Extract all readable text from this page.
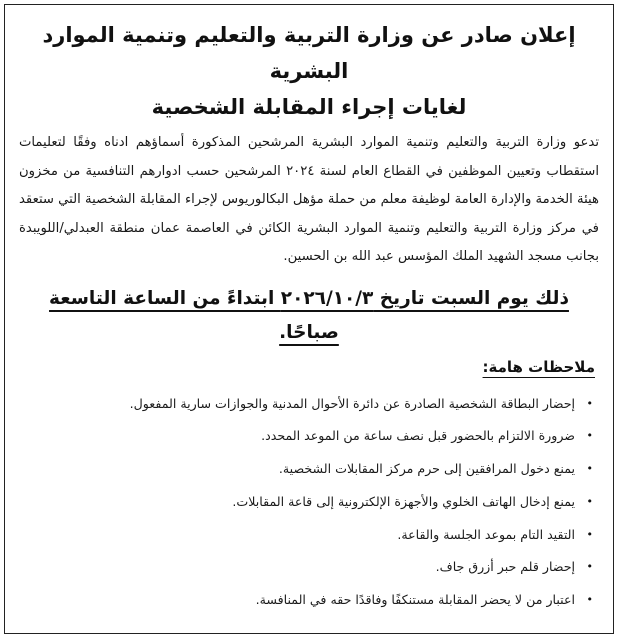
إعلان صادر عن وزارة التربية والتعليم وتنمية الموارد البشرية
لغايات إجراء المقابلة الشخصية

تدعو وزارة التربية والتعليم وتنمية الموارد البشرية المرشحين المذكورة أسماؤهم ادناه وفقًا لتعليمات استقطاب وتعيين الموظفين في القطاع العام لسنة ٢٠٢٤ المرشحين حسب ادوارهم التنافسية من مخزون هيئة الخدمة والإدارة العامة لوظيفة معلم من حملة مؤهل البكالوريوس لإجراء المقابلة الشخصية التي ستعقد في مركز وزارة التربية والتعليم وتنمية الموارد البشرية الكائن في العاصمة عمان منطقة العبدلي/اللويبدة بجانب مسجد الشهيد الملك المؤسس عبد الله بن الحسين.

ذلك يوم السبت تاريخ ٢٠٢٦/١٠/٣ ابتداءً من الساعة التاسعة صباحًا.
ملاحظات هامة:
•
إحضار البطاقة الشخصية الصادرة عن دائرة الأحوال المدنية والجوازات سارية المفعول.
•
ضرورة الالتزام بالحضور قبل نصف ساعة من الموعد المحدد.
•
يمنع دخول المرافقين إلى حرم مركز المقابلات الشخصية.
•
يمنع إدخال الهاتف الخلوي والأجهزة الإلكترونية إلى قاعة المقابلات.
•
التقيد التام بموعد الجلسة والقاعة.
•
إحضار قلم حبر أزرق جاف.
•
اعتبار من لا يحضر المقابلة مستنكفًا وفاقدًا حقه في المنافسة.
